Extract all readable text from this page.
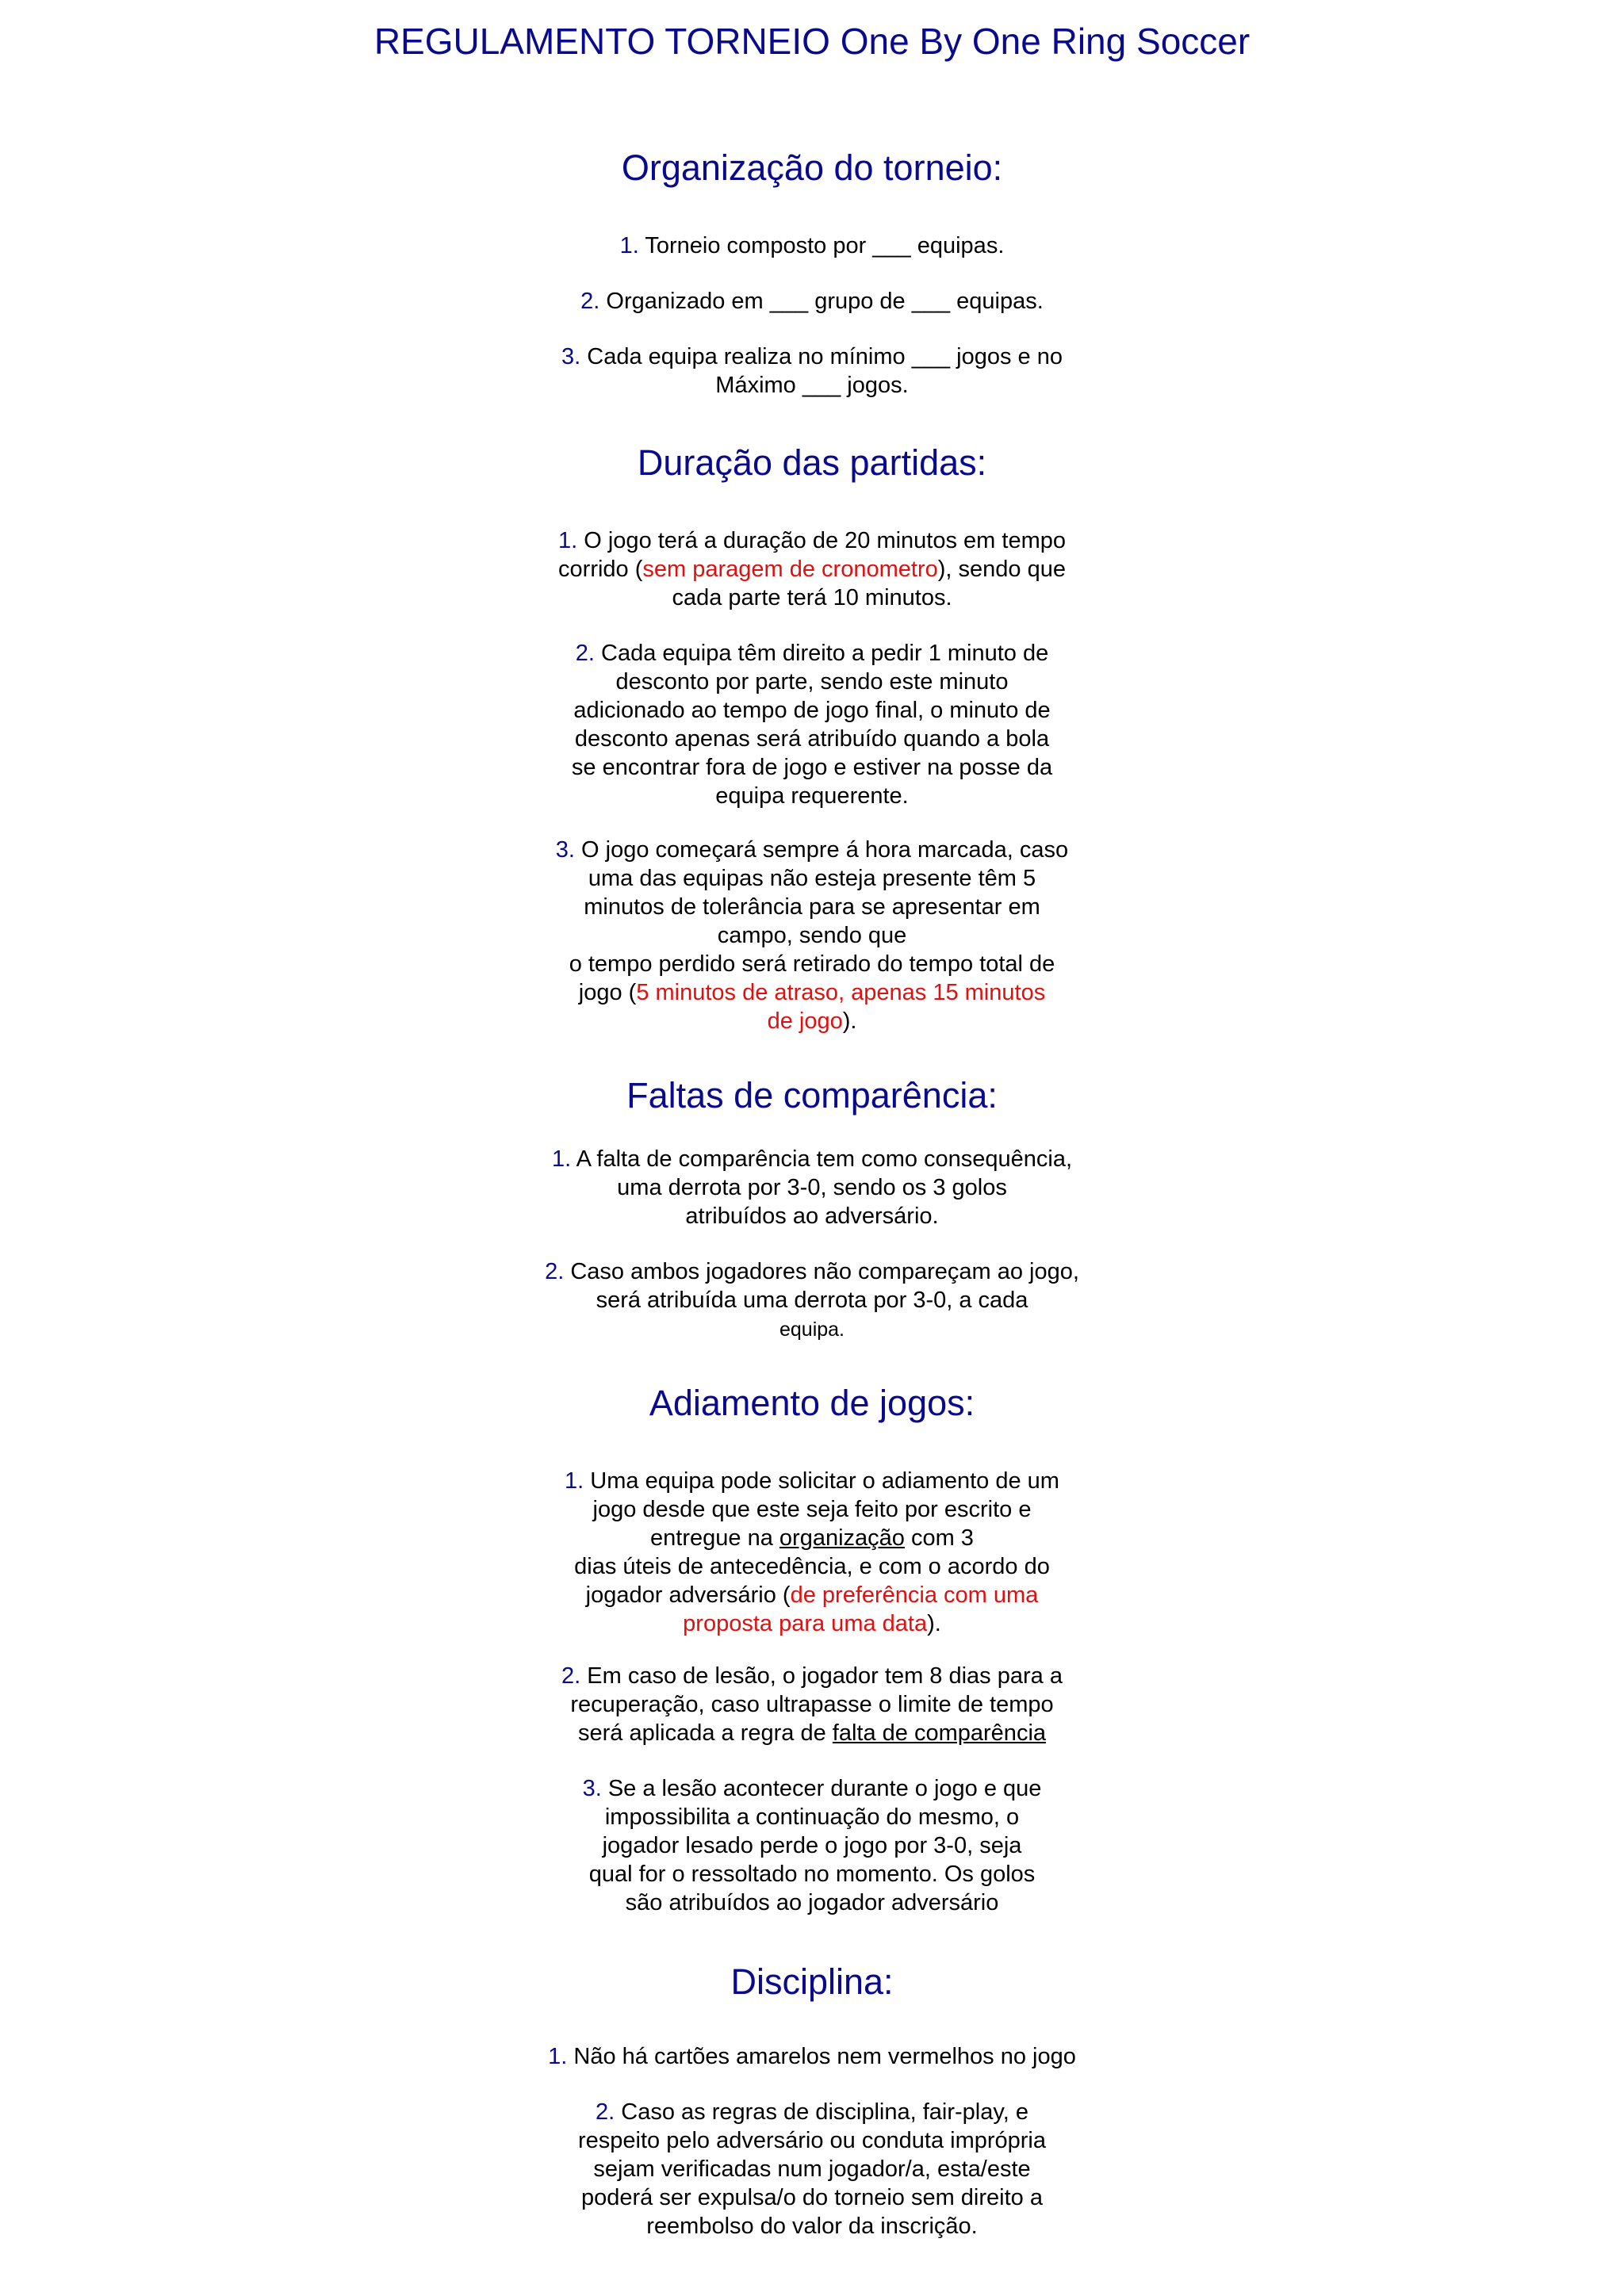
REGULAMENTO TORNEIO One By One Ring Soccer
Organização do torneio:

1. Torneio composto por ___ equipas.

2. Organizado em ___ grupo de ___ equipas.

3. Cada equipa realiza no mínimo ___ jogos e no
Máximo ___ jogos.

Duração das partidas:

1. O jogo terá a duração de 20 minutos em tempo
corrido (sem paragem de cronometro), sendo que
cada parte terá 10 minutos.

2. Cada equipa têm direito a pedir 1 minuto de
desconto por parte, sendo este minuto
adicionado ao tempo de jogo final, o minuto de
desconto apenas será atribuído quando a bola
se encontrar fora de jogo e estiver na posse da
equipa requerente.

3. O jogo começará sempre á hora marcada, caso
uma das equipas não esteja presente têm 5
minutos de tolerância para se apresentar em
campo, sendo que
o tempo perdido será retirado do tempo total de
jogo (5 minutos de atraso, apenas 15 minutos
de jogo).

Faltas de comparência:

1. A falta de comparência tem como consequência,
uma derrota por 3-0, sendo os 3 golos
atribuídos ao adversário.

2. Caso ambos jogadores não compareçam ao jogo,
será atribuída uma derrota por 3-0, a cada
equipa.

Adiamento de jogos:

1. Uma equipa pode solicitar o adiamento de um
jogo desde que este seja feito por escrito e
entregue na organização com 3
dias úteis de antecedência, e com o acordo do
jogador adversário (de preferência com uma
proposta para uma data).

2. Em caso de lesão, o jogador tem 8 dias para a
recuperação, caso ultrapasse o limite de tempo
será aplicada a regra de falta de comparência

3. Se a lesão acontecer durante o jogo e que
impossibilita a continuação do mesmo, o
jogador lesado perde o jogo por 3-0, seja
qual for o ressoltado no momento. Os golos
são atribuídos ao jogador adversário

Disciplina:

1. Não há cartões amarelos nem vermelhos no jogo

2. Caso as regras de disciplina, fair-play, e
respeito pelo adversário ou conduta imprópria
sejam verificadas num jogador/a, esta/este
poderá ser expulsa/o do torneio sem direito a
reembolso do valor da inscrição.
